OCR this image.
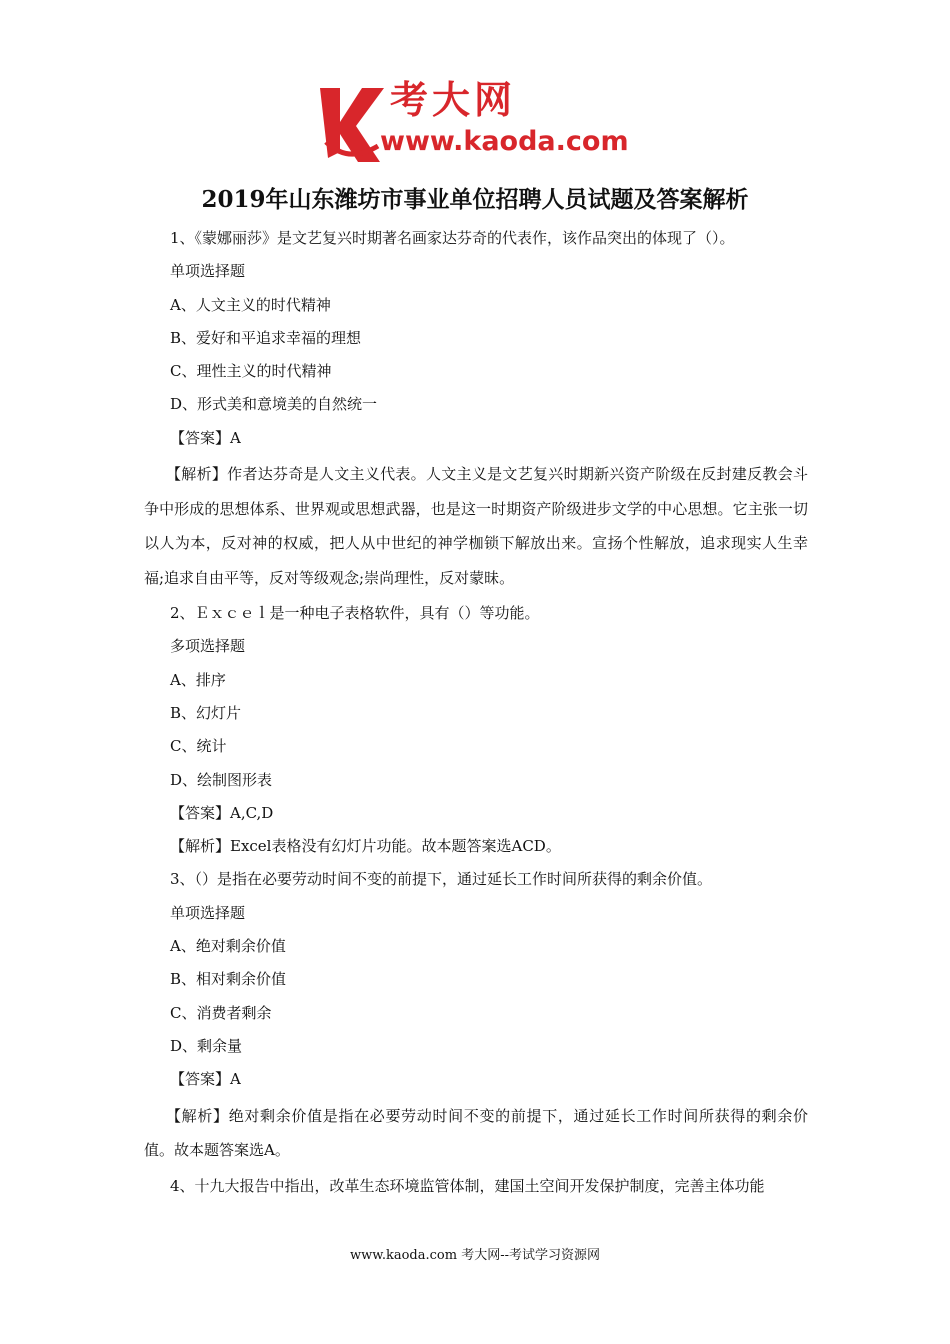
考大网
www.kaoda.com
2019年山东潍坊市事业单位招聘人员试题及答案解析
1、《蒙娜丽莎》是文艺复兴时期著名画家达芬奇的代表作，该作品突出的体现了（）。
单项选择题
A、人文主义的时代精神
B、爱好和平追求幸福的理想
C、理性主义的时代精神
D、形式美和意境美的自然统一
【答案】A
【解析】作者达芬奇是人文主义代表。人文主义是文艺复兴时期新兴资产阶级在反封建反教会斗争中形成的思想体系、世界观或思想武器，也是这一时期资产阶级进步文学的中心思想。它主张一切以人为本，反对神的权威，把人从中世纪的神学枷锁下解放出来。宣扬个性解放，追求现实人生幸福;追求自由平等，反对等级观念;崇尚理性，反对蒙昧。
2、Ｅｘｃｅｌ是一种电子表格软件，具有（）等功能。
多项选择题
A、排序
B、幻灯片
C、统计
D、绘制图形表
【答案】A,C,D
【解析】Excel表格没有幻灯片功能。故本题答案选ACD。
3、（）是指在必要劳动时间不变的前提下，通过延长工作时间所获得的剩余价值。
单项选择题
A、绝对剩余价值
B、相对剩余价值
C、消费者剩余
D、剩余量
【答案】A
【解析】绝对剩余价值是指在必要劳动时间不变的前提下，通过延长工作时间所获得的剩余价值。故本题答案选A。
4、十九大报告中指出，改革生态环境监管体制，建国土空间开发保护制度，完善主体功能
www.kaoda.com 考大网--考试学习资源网
